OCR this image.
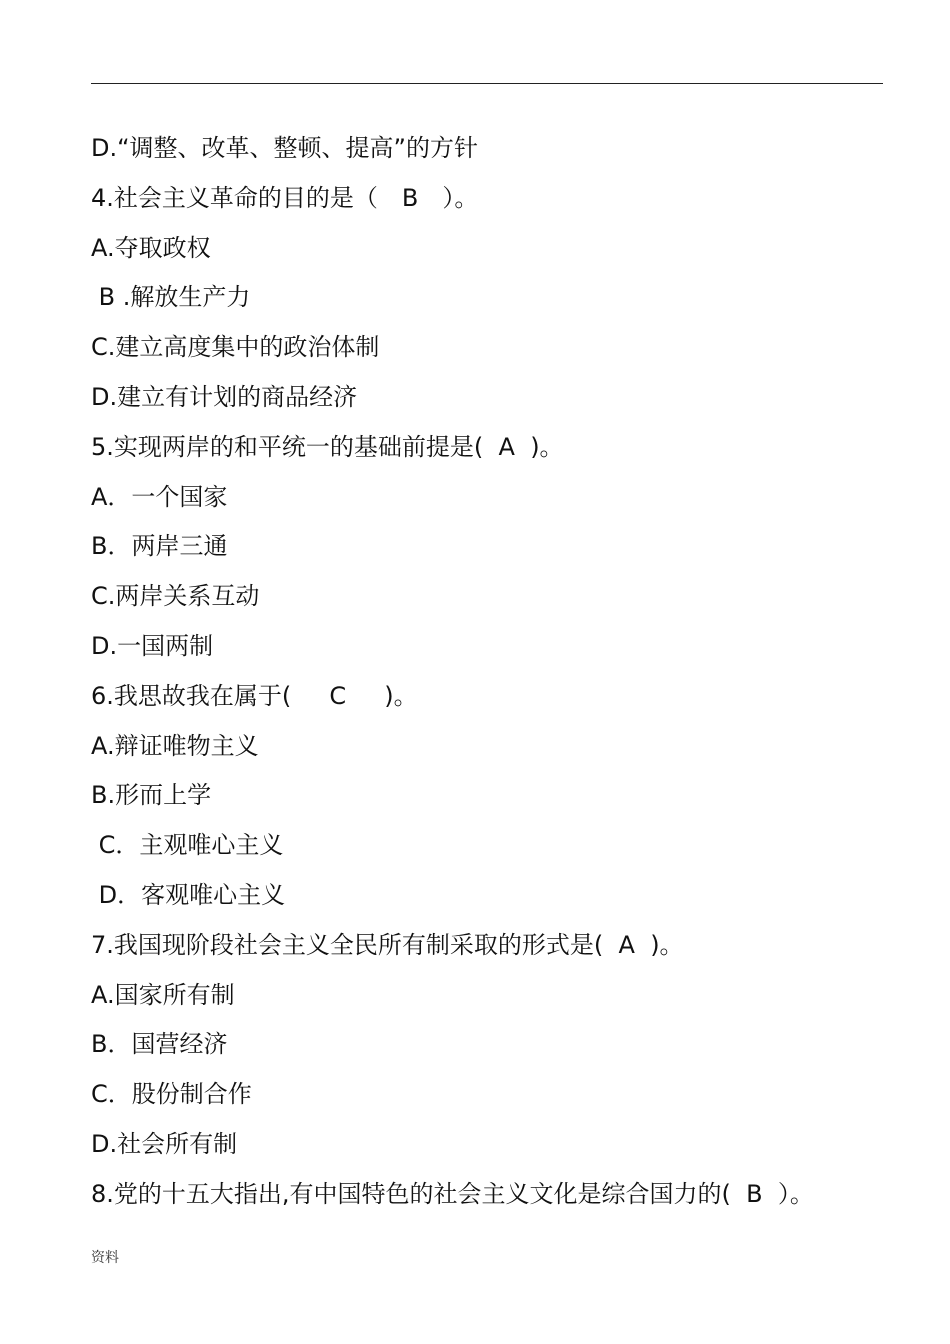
D.“调整、改革、整顿、提高”的方针
4.社会主义革命的目的是（　B　）。
A.夺取政权
B .解放生产力
C.建立高度集中的政治体制
D.建立有计划的商品经济
5.实现两岸的和平统一的基础前提是(  A  )。
A．一个国家
B．两岸三通
C.两岸关系互动
D.一国两制
6.我思故我在属于(     C     )。
A.辩证唯物主义
B.形而上学
C．主观唯心主义
D．客观唯心主义
7.我国现阶段社会主义全民所有制采取的形式是(  A  )。
A.国家所有制
B．国营经济
C．股份制合作
D.社会所有制
8.党的十五大指出,有中国特色的社会主义文化是综合国力的(  B  ）。
资料
